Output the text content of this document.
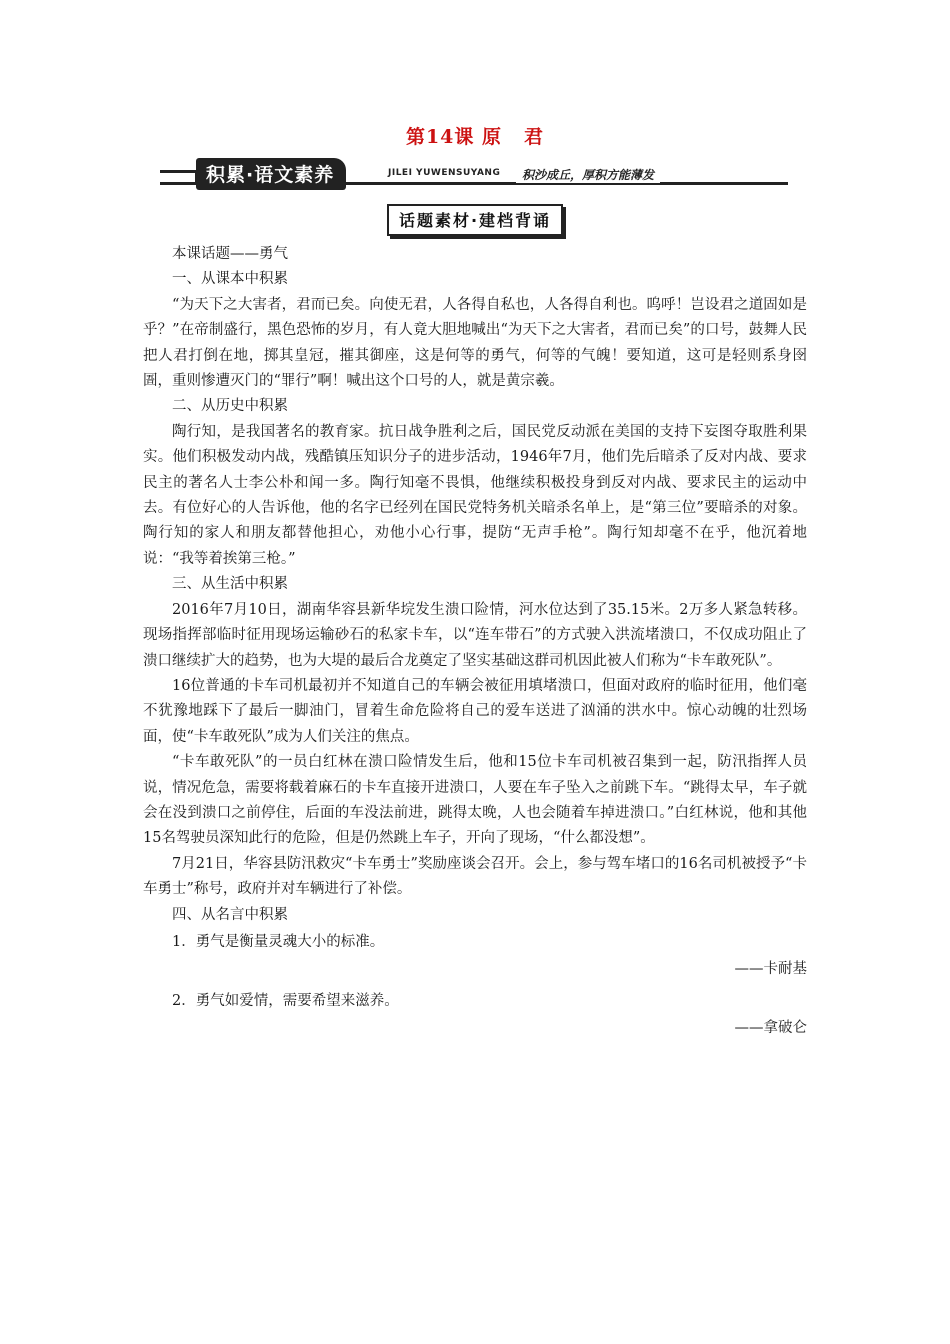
第14课 原 君
积累·语文素养	JILEI YUWENSUYANG	积沙成丘，厚积方能薄发
话题素材·建档背诵
本课话题——勇气
一、从课本中积累

“为天下之大害者，君而已矣。向使无君，人各得自私也，人各得自利也。呜呼！岂设君之道固如是乎？”在帝制盛行，黑色恐怖的岁月，有人竟大胆地喊出“为天下之大害者，君而已矣”的口号，鼓舞人民把人君打倒在地，掷其皇冠，摧其御座，这是何等的勇气，何等的气魄！要知道，这可是轻则系身囹圄，重则惨遭灭门的“罪行”啊！喊出这个口号的人，就是黄宗羲。

二、从历史中积累

陶行知，是我国著名的教育家。抗日战争胜利之后，国民党反动派在美国的支持下妄图夺取胜利果实。他们积极发动内战，残酷镇压知识分子的进步活动，1946年7月，他们先后暗杀了反对内战、要求民主的著名人士李公朴和闻一多。陶行知毫不畏惧，他继续积极投身到反对内战、要求民主的运动中去。有位好心的人告诉他，他的名字已经列在国民党特务机关暗杀名单上，是“第三位”要暗杀的对象。陶行知的家人和朋友都替他担心，劝他小心行事，提防“无声手枪”。陶行知却毫不在乎，他沉着地说：“我等着挨第三枪。”

三、从生活中积累

2016年7月10日，湖南华容县新华垸发生溃口险情，河水位达到了35.15米。2万多人紧急转移。现场指挥部临时征用现场运输砂石的私家卡车，以“连车带石”的方式驶入洪流堵溃口，不仅成功阻止了溃口继续扩大的趋势，也为大堤的最后合龙奠定了坚实基础这群司机因此被人们称为“卡车敢死队”。

16位普通的卡车司机最初并不知道自己的车辆会被征用填堵溃口，但面对政府的临时征用，他们毫不犹豫地踩下了最后一脚油门，冒着生命危险将自己的爱车送进了汹涌的洪水中。惊心动魄的壮烈场面，使“卡车敢死队”成为人们关注的焦点。

“卡车敢死队”的一员白红林在溃口险情发生后，他和15位卡车司机被召集到一起，防汛指挥人员说，情况危急，需要将载着麻石的卡车直接开进溃口，人要在车子坠入之前跳下车。“跳得太早，车子就会在没到溃口之前停住，后面的车没法前进，跳得太晚，人也会随着车掉进溃口。”白红林说，他和其他15名驾驶员深知此行的危险，但是仍然跳上车子，开向了现场，“什么都没想”。

7月21日，华容县防汛救灾“卡车勇士”奖励座谈会召开。会上，参与驾车堵口的16名司机被授予“卡车勇士”称号，政府并对车辆进行了补偿。

四、从名言中积累
1．勇气是衡量灵魂大小的标准。
——卡耐基
2．勇气如爱情，需要希望来滋养。
——拿破仑
